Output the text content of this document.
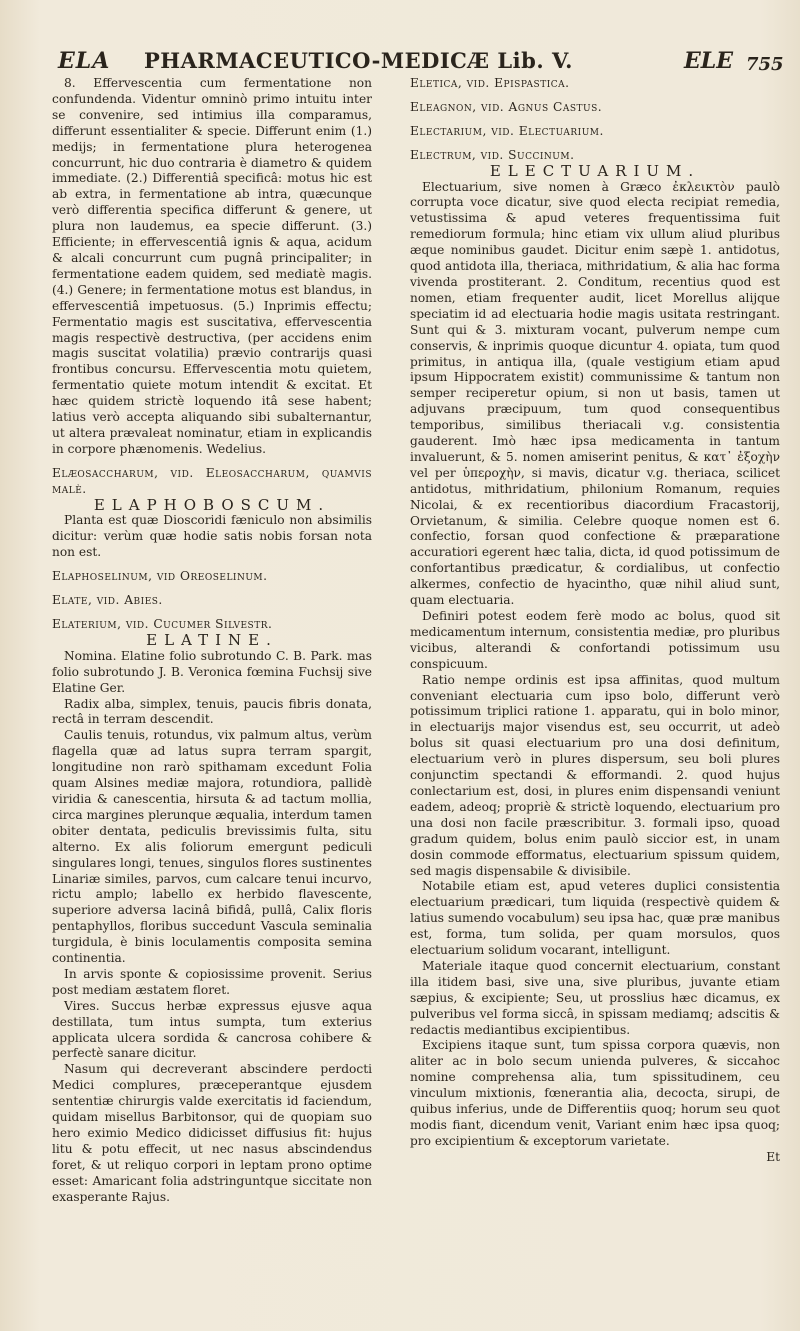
ELA PHARMACEUTICO-MEDICÆ Lib. V.	ELE 755

8. Effervescentia cum fermentatione non confundenda. Videntur omninò primo intuitu inter se convenire, sed intimius illa comparamus, differunt essentialiter & specie. Differunt enim (1.) medijs; in fermentatione plura heterogenea concurrunt, hic duo contraria è diametro & quidem immediate. (2.) Differentiâ specificâ: motus hic est ab extra, in fermentatione ab intra, quæcunque verò differentia specifica differunt & genere, ut plura non laudemus, ea specie differunt. (3.) Efficiente; in effervescentiâ ignis & aqua, acidum & alcali concurrunt cum pugnâ principaliter; in fermentatione eadem quidem, sed mediatè magis. (4.) Genere; in fermentatione motus est blandus, in effervescentiâ impetuosus. (5.) Inprimis effectu; Fermentatio magis est suscitativa, effervescentia magis respectivè destructiva, (per accidens enim magis suscitat volatilia) prævio contrarijs quasi frontibus concursu. Effervescentia motu quietem, fermentatio quiete motum intendit & excitat. Et hæc quidem strictè loquendo itâ sese habent; latius verò accepta aliquando sibi subalternantur, ut altera prævaleat nominatur, etiam in explicandis in corpore phænomenis. Wedelius.

Elæosaccharum, vid. Eleosaccharum, quamvis malè.

ELAPHOBOSCUM.

Planta est quæ Dioscoridi fæniculo non absimilis dicitur: verùm quæ hodie satis nobis forsan nota non est.

Elaphoselinum, vid Oreoselinum.

Elate, vid. Abies.

Elaterium, vid. Cucumer Silvestr.

ELATINE.

Nomina. Elatine folio subrotundo C. B. Park. mas folio subrotundo J. B. Veronica fœmina Fuchsij sive Elatine Ger.

Radix alba, simplex, tenuis, paucis fibris donata, rectâ in terram descendit.

Caulis tenuis, rotundus, vix palmum altus, verùm flagella quæ ad latus supra terram spargit, longitudine non rarò spithamam excedunt Folia quam Alsines mediæ majora, rotundiora, pallidè viridia & canescentia, hirsuta & ad tactum mollia, circa margines plerunque æqualia, interdum tamen obiter dentata, pediculis brevissimis fulta, situ alterno. Ex alis foliorum emergunt pediculi singulares longi, tenues, singulos flores sustinentes Linariæ similes, parvos, cum calcare tenui incurvo, rictu amplo; labello ex herbido flavescente, superiore adversa lacinâ bifidâ, pullâ, Calix floris pentaphyllos, floribus succedunt Vascula seminalia turgidula, è binis loculamentis composita semina continentia.

In arvis sponte & copiosissime provenit. Serius post mediam æstatem floret.

Vires. Succus herbæ expressus ejusve aqua destillata, tum intus sumpta, tum exterius applicata ulcera sordida & cancrosa cohibere & perfectè sanare dicitur.

Nasum qui decreverant abscindere perdocti Medici complures, præceperantque ejusdem sententiæ chirurgis valde exercitatis id faciendum, quidam misellus Barbitonsor, qui de quopiam suo hero eximio Medico didicisset diffusius fit: hujus litu & potu effecit, ut nec nasus abscindendus foret, & ut reliquo corpori in leptam prono optime esset: Amaricant folia adstringuntque siccitate non exasperante Rajus.

Eletica, vid. Epispastica.

Eleagnon, vid. Agnus Castus.

Electarium, vid. Electuarium.

Electrum, vid. Succinum.

ELECTUARIUM.

Electuarium, sive nomen à Græco ἐκλεικτὸν paulò corrupta voce dicatur, sive quod electa recipiat remedia, vetustissima & apud veteres frequentissima fuit remediorum formula; hinc etiam vix ullum aliud pluribus æque nominibus gaudet. Dicitur enim sæpè 1. antidotus, quod antidota illa, theriaca, mithridatium, & alia hac forma vivenda prostiterant. 2. Conditum, recentius quod est nomen, etiam frequenter audit, licet Morellus alijque speciatim id ad electuaria hodie magis usitata restringant. Sunt qui & 3. mixturam vocant, pulverum nempe cum conservis, & inprimis quoque dicuntur 4. opiata, tum quod primitus, in antiqua illa, (quale vestigium etiam apud ipsum Hippocratem existit) communissime & tantum non semper reciperetur opium, si non ut basis, tamen ut adjuvans præcipuum, tum quod consequentibus temporibus, similibus theriacali v.g. consistentia gauderent. Imò hæc ipsa medicamenta in tantum invaluerunt, & 5. nomen amiserint penitus, & κατ᾽ ἐξοχὴν vel per ὑπεροχὴν, si mavis, dicatur v.g. theriaca, scilicet antidotus, mithridatium, philonium Romanum, requies Nicolai, & ex recentioribus diacordium Fracastorij, Orvietanum, & similia. Celebre quoque nomen est 6. confectio, forsan quod confectione & præparatione accuratiori egerent hæc talia, dicta, id quod potissimum de confortantibus prædicatur, & cordialibus, ut confectio alkermes, confectio de hyacintho, quæ nihil aliud sunt, quam electuaria.

Definiri potest eodem ferè modo ac bolus, quod sit medicamentum internum, consistentia mediæ, pro pluribus vicibus, alterandi & confortandi potissimum usu conspicuum.

Ratio nempe ordinis est ipsa affinitas, quod multum conveniant electuaria cum ipso bolo, differunt verò potissimum triplici ratione 1. apparatu, qui in bolo minor, in electuarijs major visendus est, seu occurrit, ut adeò bolus sit quasi electuarium pro una dosi definitum, electuarium verò in plures dispersum, seu boli plures conjunctim spectandi & efformandi. 2. quod hujus conlectarium est, dosi, in plures enim dispensandi veniunt eadem, adeoq; propriè & strictè loquendo, electuarium pro una dosi non facile præscribitur. 3. formali ipso, quoad gradum quidem, bolus enim paulò siccior est, in unam dosin commode efformatus, electuarium spissum quidem, sed magis dispensabile & divisibile.

Notabile etiam est, apud veteres duplici consistentia electuarium prædicari, tum liquida (respectivè quidem & latius sumendo vocabulum) seu ipsa hac, quæ præ manibus est, forma, tum solida, per quam morsulos, quos electuarium solidum vocarant, intelligunt.

Materiale itaque quod concernit electuarium, constant illa itidem basi, sive una, sive pluribus, juvante etiam sæpius, & excipiente; Seu, ut prosslius hæc dicamus, ex pulveribus vel forma siccâ, in spissam mediamq; adscitis & redactis mediantibus excipientibus.

Excipiens itaque sunt, tum spissa corpora quævis, non aliter ac in bolo secum unienda pulveres, & siccahoc nomine comprehensa alia, tum spissitudinem, ceu vinculum mixtionis, fœnerantia alia, decocta, sirupi, de quibus inferius, unde de Differentiis quoq; horum seu quot modis fiant, dicendum venit, Variant enim hæc ipsa quoq; pro excipientium & exceptorum varietate.

Et
